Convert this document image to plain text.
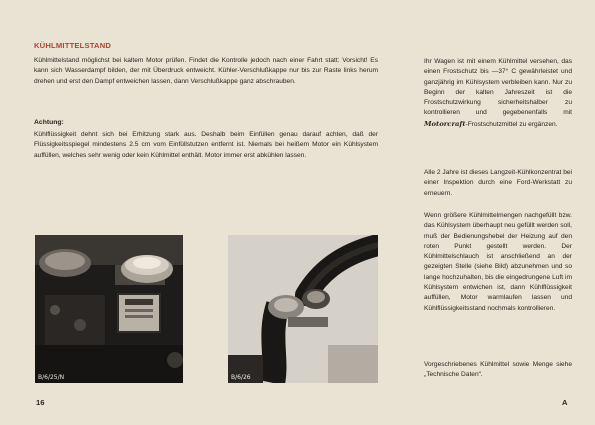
KÜHLMITTELSTAND

Kühlmittelstand möglichst bei kaltem Motor prüfen. Findet die Kontrolle jedoch nach einer Fahrt statt: Vorsicht! Es kann sich Wasserdampf bilden, der mit Überdruck entweicht. Kühler-Verschlußkappe nur bis zur Raste links herum drehen und erst den Dampf entweichen lassen, dann Verschlußkappe ganz abschrauben.

Achtung:

Kühlflüssigkeit dehnt sich bei Erhitzung stark aus. Deshalb beim Einfüllen genau darauf achten, daß der Flüssigkeitsspiegel mindestens 2.5 cm vom Einfüllstutzen entfernt ist. Niemals bei heißem Motor ein Kühlsystem auffüllen, welches sehr wenig oder kein Kühlmittel enthält. Motor immer erst abkühlen lassen.

B/6/25/N	B/6/26

Ihr Wagen ist mit einem Kühlmittel versehen, das einen Frostschutz bis —37° C gewährleistet und ganzjährig im Kühlsystem verbleiben kann. Nur zu Beginn der kalten Jahreszeit ist die Frostschutzwirkung sicherheitshalber zu kontrollieren und gegebenenfalls mit Motorcraft-Frostschutzmittel zu ergänzen.

Alle 2 Jahre ist dieses Langzeit-Kühlkonzentrat bei einer Inspektion durch eine Ford-Werkstatt zu erneuern.

Wenn größere Kühlmittelmengen nachgefüllt bzw. das Kühlsystem überhaupt neu gefüllt werden soll, muß der Bedienungshebel der Heizung auf den roten Punkt gestellt werden. Der Kühlmittelschlauch ist anschließend an der gezeigten Stelle (siehe Bild) abzunehmen und so lange hochzuhalten, bis die eingedrungene Luft im Kühlsystem entwichen ist, dann Kühlflüssigkeit auffüllen, Motor warmlaufen lassen und Kühlflüssigkeitsstand nochmals kontrollieren.

Vorgeschriebenes Kühlmittel sowie Menge siehe „Technische Daten“.

16	A
